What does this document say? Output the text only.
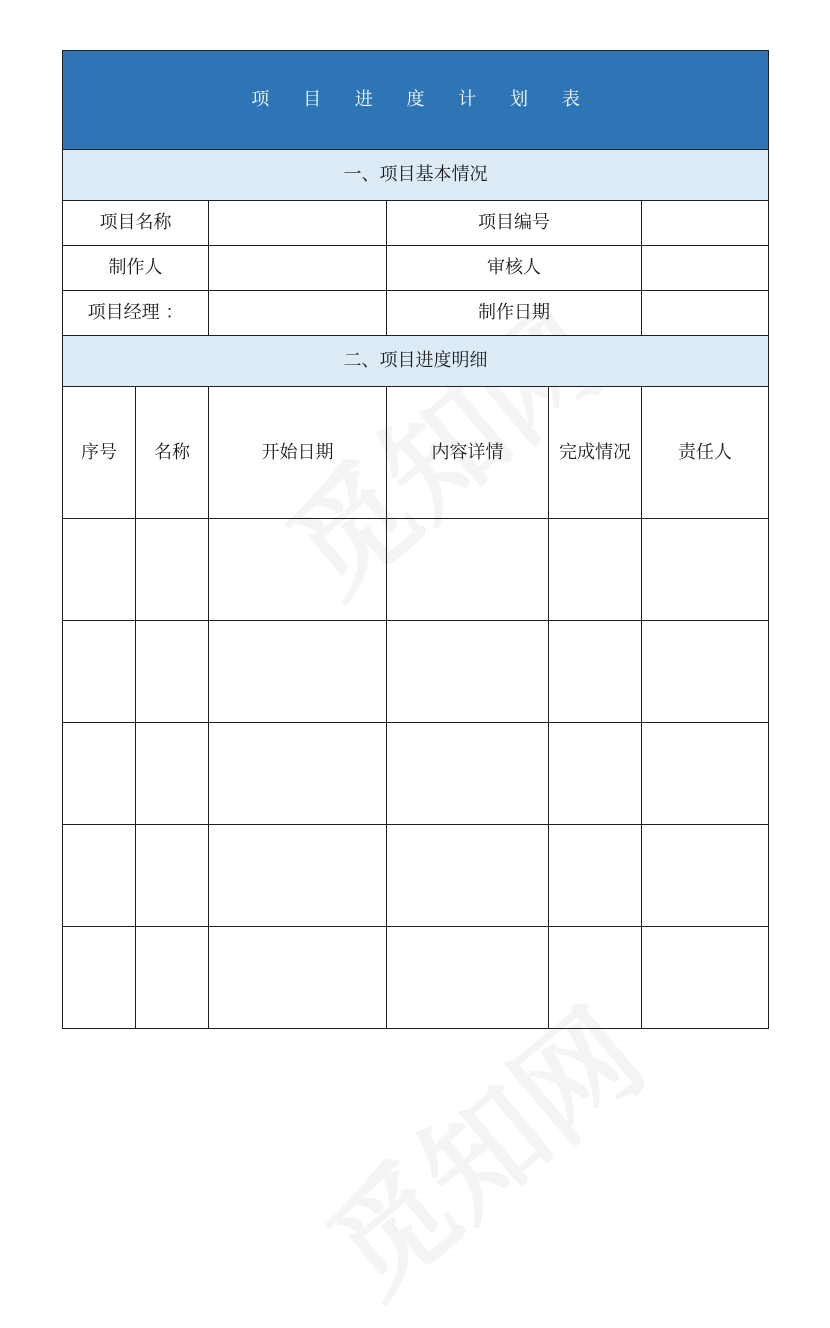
项 目 进 度 计 划 表					
一、项目基本情况					
项目名称			项目编号		
制作人			审核人		
项目经理 ：			制作日期		
二、项目进度明细					
序号	名称	开始日期	内容详情	完成情况	责任人
